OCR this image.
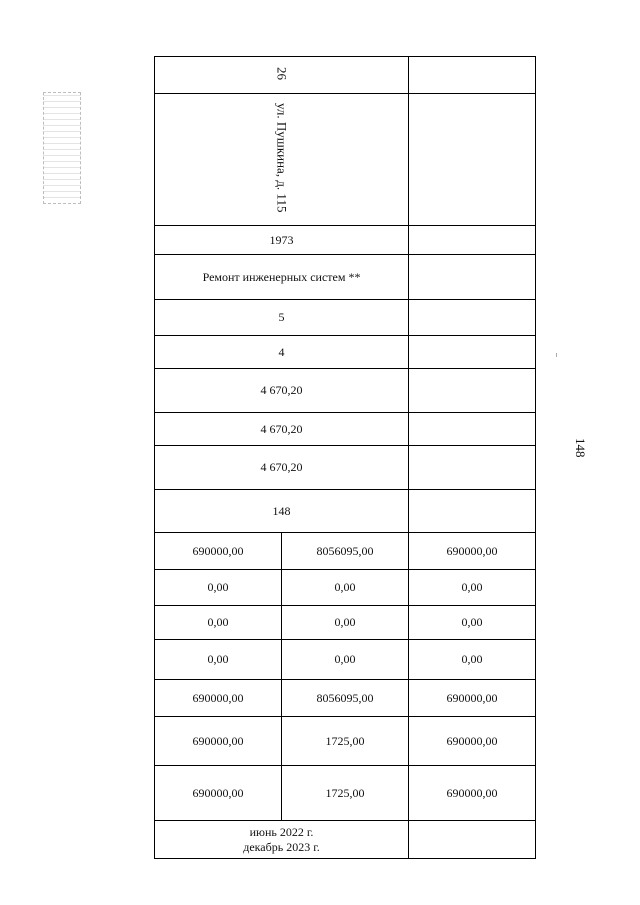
148
26		
ул. Пушкина, д. 115		
1973		
Ремонт инженерных систем **		
5		
4		
4 670,20		
4 670,20		
4 670,20		
148		
690000,00	8056095,00	690000,00
0,00	0,00	0,00
0,00	0,00	0,00
0,00	0,00	0,00
690000,00	8056095,00	690000,00
690000,00	1725,00	690000,00
690000,00	1725,00	690000,00

июнь 2022 г.
декабрь 2023 г.		
